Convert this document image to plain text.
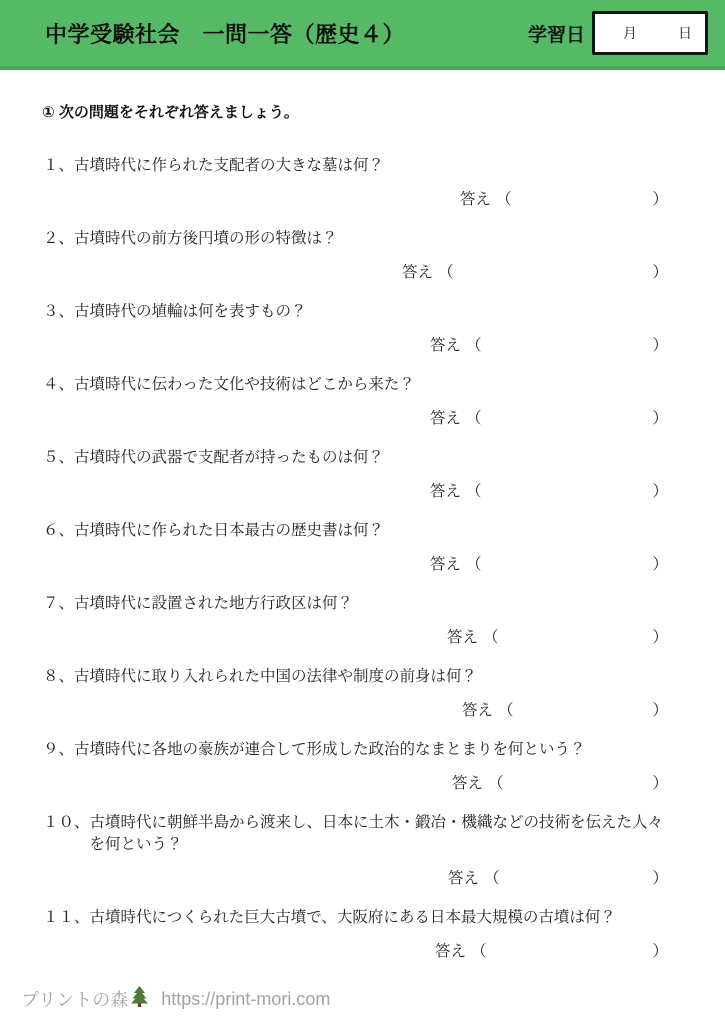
中学受験社会　一問一答（歴史４）	学習日	月	日

① 次の問題をそれぞれ答えましょう。

１、 古墳時代に作られた支配者の大きな墓は何？
答え （	）
２、 古墳時代の前方後円墳の形の特徴は？
答え （	）
３、 古墳時代の埴輪は何を表すもの？
答え （	）
４、 古墳時代に伝わった文化や技術はどこから来た？
答え （	）
５、 古墳時代の武器で支配者が持ったものは何？
答え （	）
６、 古墳時代に作られた日本最古の歴史書は何？
答え （	）
７、 古墳時代に設置された地方行政区は何？
答え （	）
８、 古墳時代に取り入れられた中国の法律や制度の前身は何？
答え （	）
９、 古墳時代に各地の豪族が連合して形成した政治的なまとまりを何という？
答え （	）
１０、 古墳時代に朝鮮半島から渡来し、日本に土木・鍛冶・機織などの技術を伝えた人々を何という？
答え （	）
１１、 古墳時代につくられた巨大古墳で、大阪府にある日本最大規模の古墳は何？
答え （	）
プリントの森 https://print-mori.com
